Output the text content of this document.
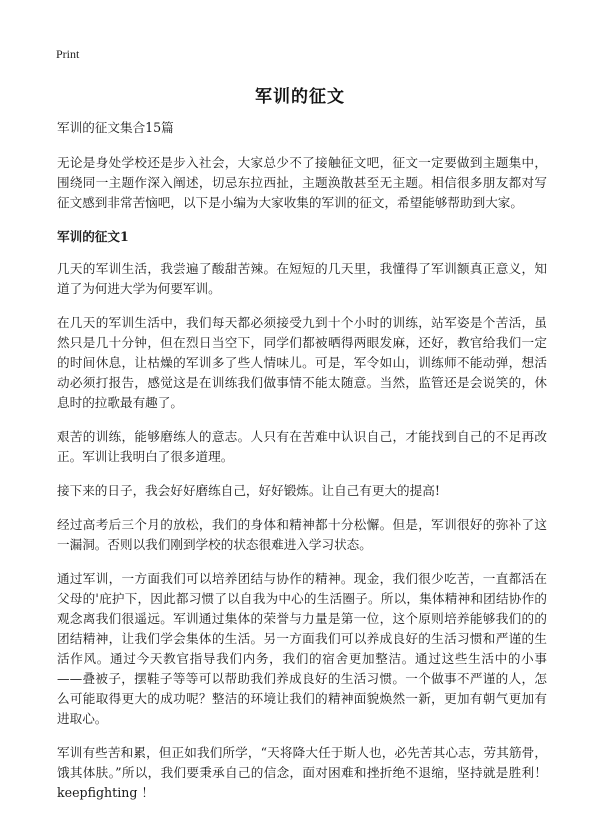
Print
军训的征文

军训的征文集合15篇

无论是身处学校还是步入社会，大家总少不了接触征文吧，征文一定要做到主题集中，围绕同一主题作深入阐述，切忌东拉西扯，主题涣散甚至无主题。相信很多朋友都对写征文感到非常苦恼吧，以下是小编为大家收集的军训的征文，希望能够帮助到大家。

军训的征文1

几天的军训生活，我尝遍了酸甜苦辣。在短短的几天里，我懂得了军训额真正意义，知道了为何进大学为何要军训。

在几天的军训生活中，我们每天都必须接受九到十个小时的训练，站军姿是个苦活，虽然只是几十分钟，但在烈日当空下，同学们都被晒得两眼发麻，还好，教官给我们一定的时间休息，让枯燥的军训多了些人情味儿。可是，军令如山，训练师不能动弹，想活动必须打报告，感觉这是在训练我们做事情不能太随意。当然，监管还是会说笑的，休息时的拉歌最有趣了。

艰苦的训练，能够磨练人的意志。人只有在苦难中认识自己，才能找到自己的不足再改正。军训让我明白了很多道理。

接下来的日子，我会好好磨练自己，好好锻炼。让自己有更大的提高!

经过高考后三个月的放松，我们的身体和精神都十分松懈。但是，军训很好的弥补了这一漏洞。否则以我们刚到学校的状态很难进入学习状态。

通过军训，一方面我们可以培养团结与协作的精神。现金，我们很少吃苦，一直都活在父母的'庇护下，因此都习惯了以自我为中心的生活圈子。所以，集体精神和团结协作的观念离我们很遥远。军训通过集体的荣誉与力量是第一位，这个原则培养能够我们的的团结精神，让我们学会集体的生活。另一方面我们可以养成良好的生活习惯和严谨的生活作风。通过今天教官指导我们内务，我们的宿舍更加整洁。通过这些生活中的小事——叠被子，摆鞋子等等可以帮助我们养成良好的生活习惯。一个做事不严谨的人，怎么可能取得更大的成功呢？整洁的环境让我们的精神面貌焕然一新，更加有朝气更加有进取心。

军训有些苦和累，但正如我们所学，“天将降大任于斯人也，必先苦其心志，劳其筋骨，饿其体肤。”所以，我们要秉承自己的信念，面对困难和挫折绝不退缩，坚持就是胜利！ keepfighting ！
